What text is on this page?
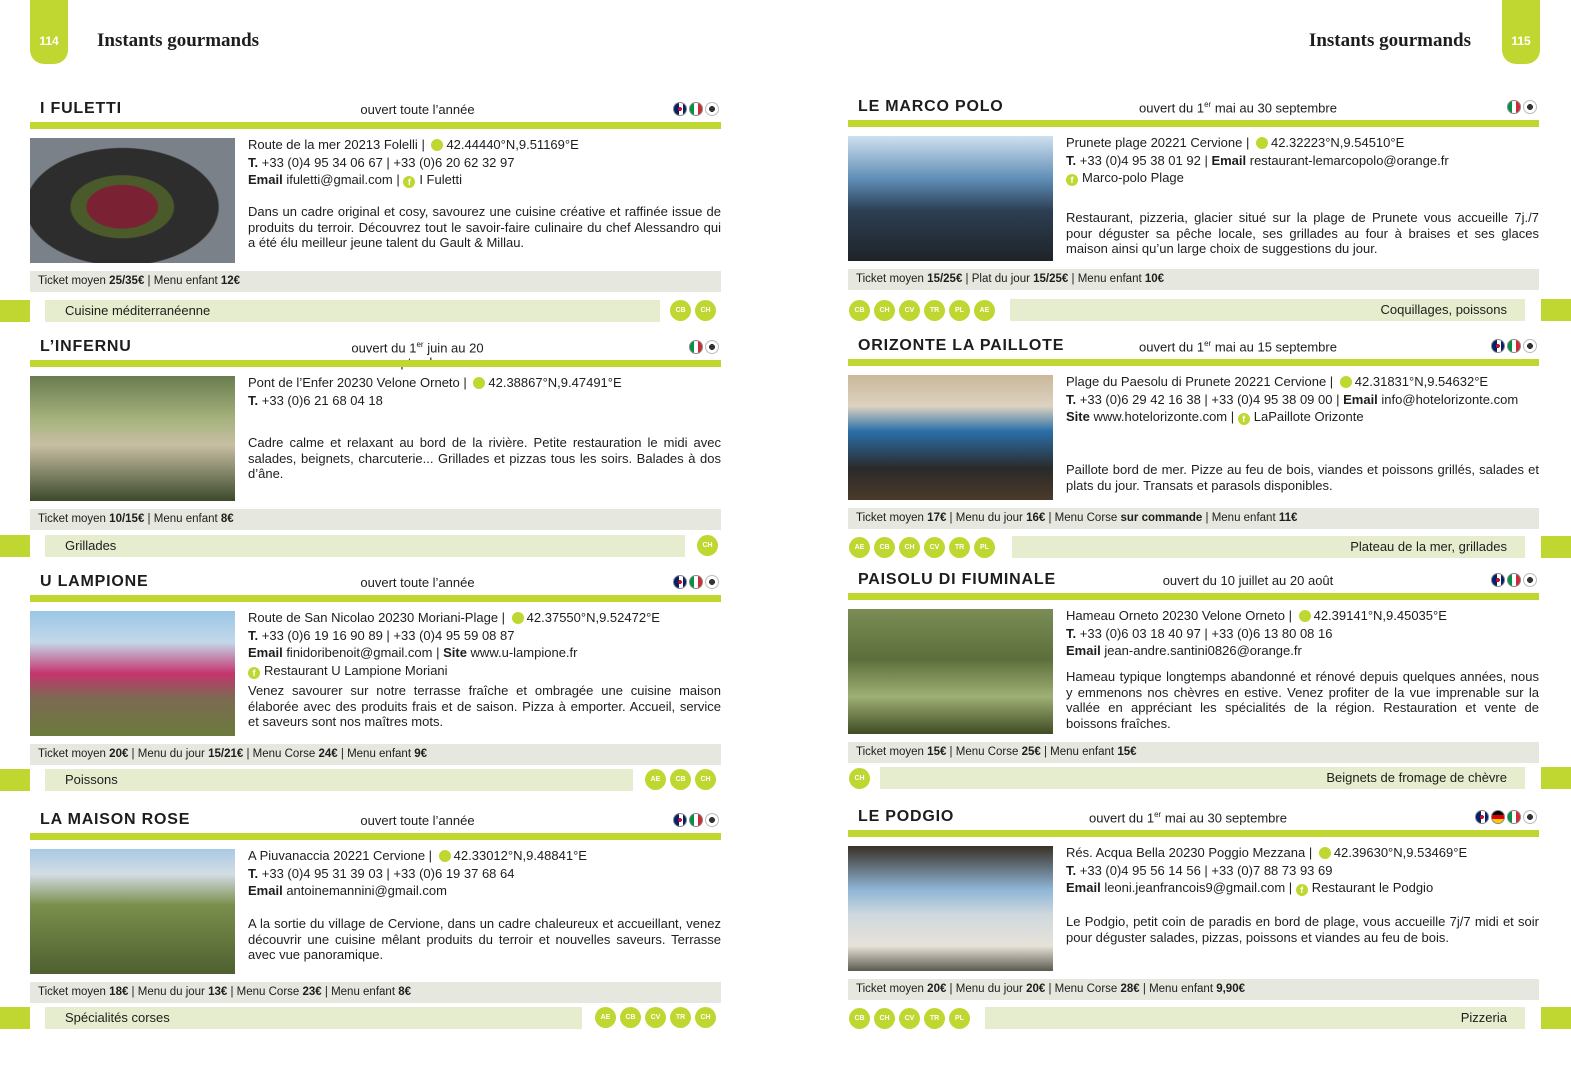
114 Instants gourmands	Instants gourmands	115
I FULETTI	ouvert toute l’année
Route de la mer 20213 Folelli | 42.44440°N,9.51169°E
T. +33 (0)4 95 34 06 67 | +33 (0)6 20 62 32 97
Email ifuletti@gmail.com | f I Fuletti
Dans un cadre original et cosy, savourez une cuisine créative et raffinée issue de produits du terroir. Découvrez tout le savoir-faire culinaire du chef Alessandro qui a été élu meilleur jeune talent du Gault & Millau.
Ticket moyen 25/35€ | Menu enfant 12€
Cuisine méditerranéenne	CB	CH
L’INFERNU	ouvert du 1er juin au 20
Pont de l’Enfer 20230 Velone Orneto | 42.38867°N,9.47491°E
T. +33 (0)6 21 68 04 18
Cadre calme et relaxant au bord de la rivière. Petite restauration le midi avec salades, beignets, charcuterie... Grillades et pizzas tous les soirs. Balades à dos d’âne.
Ticket moyen 10/15€ | Menu enfant 8€
Grillades	CH
U LAMPIONE	ouvert toute l’année
Route de San Nicolao 20230 Moriani-Plage | 42.37550°N,9.52472°E
T. +33 (0)6 19 16 90 89 | +33 (0)4 95 59 08 87
Email finidoribenoit@gmail.com | Site www.u-lampione.fr
f Restaurant U Lampione Moriani
Venez savourer sur notre terrasse fraîche et ombragée une cuisine maison élaborée avec des produits frais et de saison. Pizza à emporter. Accueil, service et saveurs sont nos maîtres mots.
Ticket moyen 20€ | Menu du jour 15/21€ | Menu Corse 24€ | Menu enfant 9€
Poissons	AE	CB	CH
LA MAISON ROSE	ouvert toute l’année
A Piuvanaccia 20221 Cervione | 42.33012°N,9.48841°E
T. +33 (0)4 95 31 39 03 | +33 (0)6 19 37 68 64
Email antoinemannini@gmail.com
A la sortie du village de Cervione, dans un cadre chaleureux et accueillant, venez découvrir une cuisine mêlant produits du terroir et nouvelles saveurs. Terrasse avec vue panoramique.
Ticket moyen 18€ | Menu du jour 13€ | Menu Corse 23€ | Menu enfant 8€
Spécialités corses	AE	CB	CV	TR	CH
LE MARCO POLO	ouvert du 1er mai au 30 septembre
Prunete plage 20221 Cervione | 42.32223°N,9.54510°E
T. +33 (0)4 95 38 01 92 | Email restaurant-lemarcopolo@orange.fr
f Marco-polo Plage
Restaurant, pizzeria, glacier situé sur la plage de Prunete vous accueille 7j./7 pour déguster sa pêche locale, ses grillades au four à braises et ses glaces maison ainsi qu’un large choix de suggestions du jour.
Ticket moyen 15/25€ | Plat du jour 15/25€ | Menu enfant 10€
CB	CH	CV	TR	PL	AE	Coquillages, poissons
ORIZONTE LA PAILLOTE	ouvert du 1er mai au 15 septembre
Plage du Paesolu di Prunete 20221 Cervione | 42.31831°N,9.54632°E
T. +33 (0)6 29 42 16 38 | +33 (0)4 95 38 09 00 | Email info@hotelorizonte.com
Site www.hotelorizonte.com | f LaPaillote Orizonte
Paillote bord de mer. Pizze au feu de bois, viandes et poissons grillés, salades et plats du jour. Transats et parasols disponibles.
Ticket moyen 17€ | Menu du jour 16€ | Menu Corse sur commande | Menu enfant 11€
AE	CB	CH	CV	TR	PL	Plateau de la mer, grillades
PAISOLU DI FIUMINALE	ouvert du 10 juillet au 20 août
Hameau Orneto 20230 Velone Orneto | 42.39141°N,9.45035°E
T. +33 (0)6 03 18 40 97 | +33 (0)6 13 80 08 16
Email jean-andre.santini0826@orange.fr
Hameau typique longtemps abandonné et rénové depuis quelques années, nous y emmenons nos chèvres en estive. Venez profiter de la vue imprenable sur la vallée en appréciant les spécialités de la région. Restauration et vente de boissons fraîches.
Ticket moyen 15€ | Menu Corse 25€ | Menu enfant 15€
CH	Beignets de fromage de chèvre
LE PODGIO	ouvert du 1er mai au 30 septembre
Rés. Acqua Bella 20230 Poggio Mezzana | 42.39630°N,9.53469°E
T. +33 (0)4 95 56 14 56 | +33 (0)7 88 73 93 69
Email leoni.jeanfrancois9@gmail.com | f Restaurant le Podgio
Le Podgio, petit coin de paradis en bord de plage, vous accueille 7j/7 midi et soir pour déguster salades, pizzas, poissons et viandes au feu de bois.
Ticket moyen 20€ | Menu du jour 20€ | Menu Corse 28€ | Menu enfant 9,90€
CB	CH	CV	TR	PL	Pizzeria
